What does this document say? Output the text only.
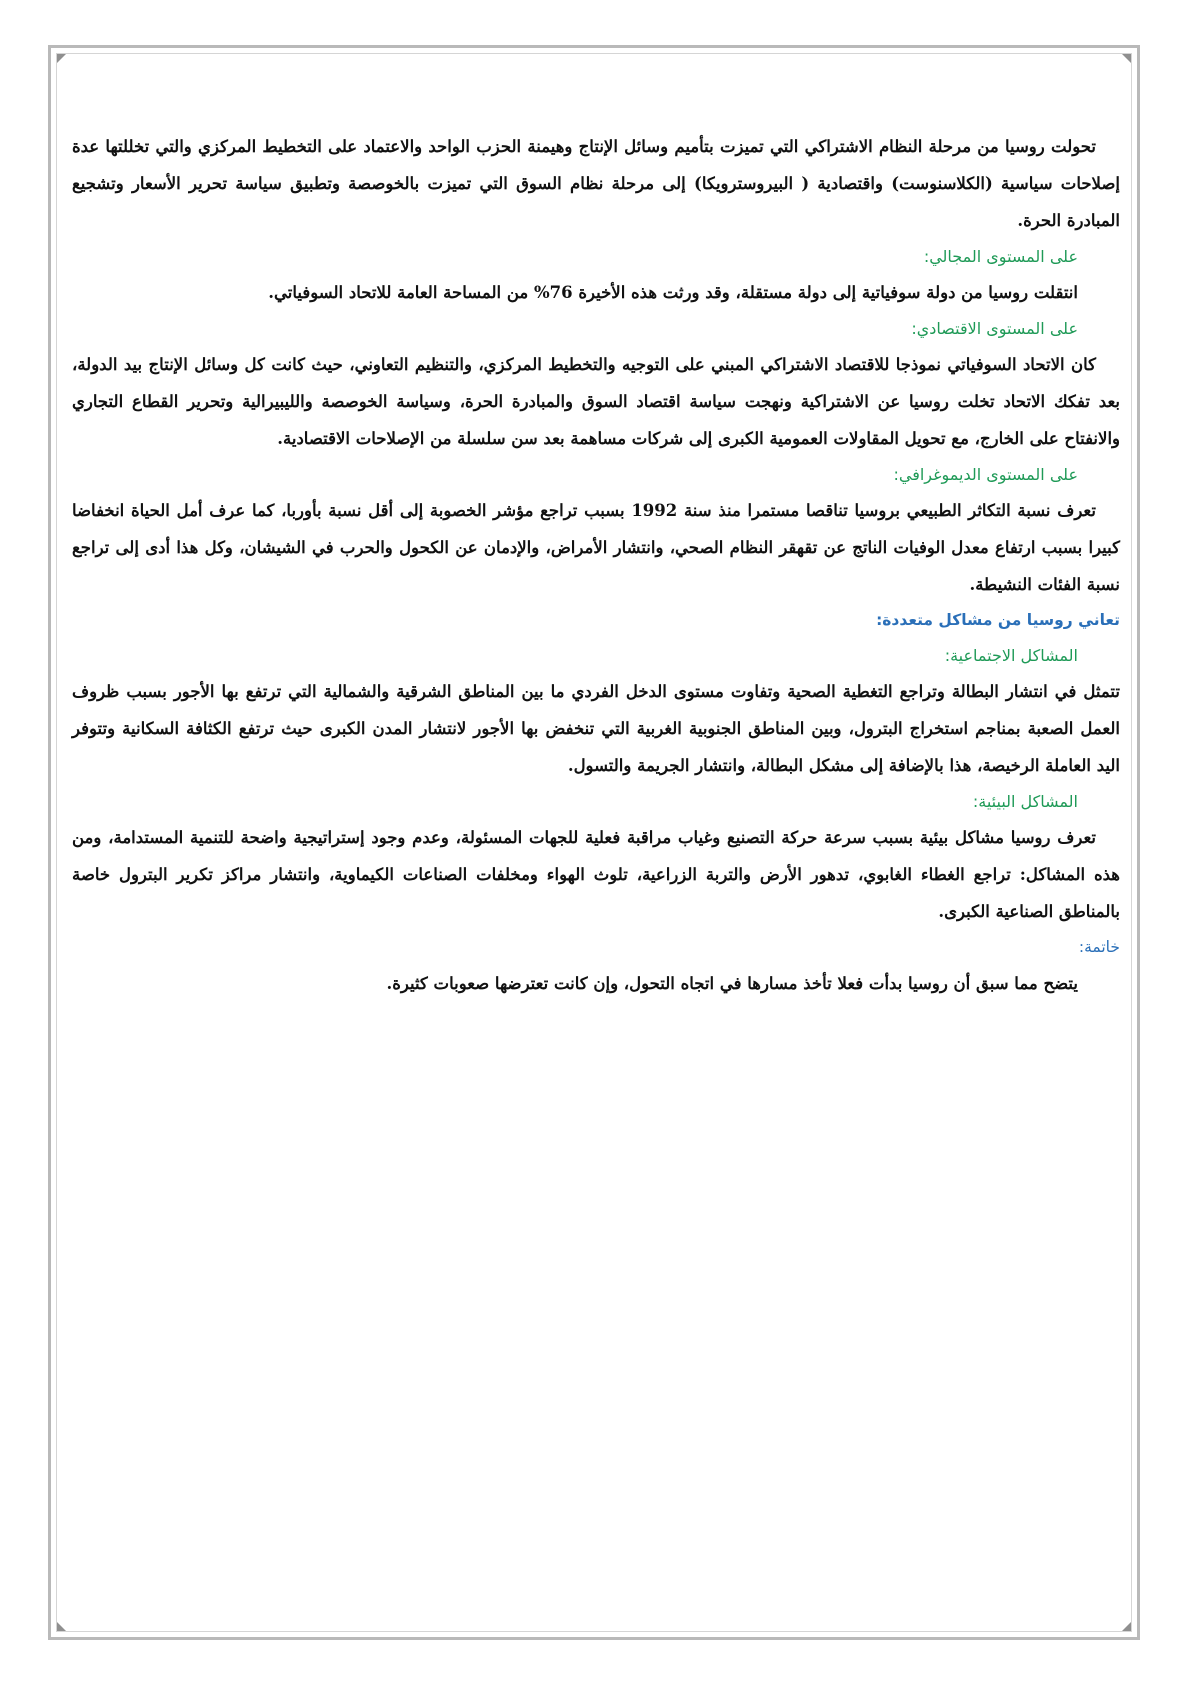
تحولت روسيا من مرحلة النظام الاشتراكي التي تميزت بتأميم وسائل الإنتاج وهيمنة الحزب الواحد والاعتماد على التخطيط المركزي والتي تخللتها عدة إصلاحات سياسية (الكلاسنوست) واقتصادية ( البيروسترويكا) إلى مرحلة نظام السوق التي تميزت بالخوصصة وتطبيق سياسة تحرير الأسعار وتشجيع المبادرة الحرة.

على المستوى المجالي:

انتقلت روسيا من دولة سوفياتية إلى دولة مستقلة، وقد ورثت هذه الأخيرة 76% من المساحة العامة للاتحاد السوفياتي.

على المستوى الاقتصادي:

كان الاتحاد السوفياتي نموذجا للاقتصاد الاشتراكي المبني على التوجيه والتخطيط المركزي، والتنظيم التعاوني، حيث كانت كل وسائل الإنتاج بيد الدولة، بعد تفكك الاتحاد تخلت روسيا عن الاشتراكية ونهجت سياسة اقتصاد السوق والمبادرة الحرة، وسياسة الخوصصة والليبيرالية وتحرير القطاع التجاري والانفتاح على الخارج، مع تحويل المقاولات العمومية الكبرى إلى شركات مساهمة بعد سن سلسلة من الإصلاحات الاقتصادية.

على المستوى الديموغرافي:

تعرف نسبة التكاثر الطبيعي بروسيا تناقصا مستمرا منذ سنة 1992 بسبب تراجع مؤشر الخصوبة إلى أقل نسبة بأوربا، كما عرف أمل الحياة انخفاضا كبيرا بسبب ارتفاع معدل الوفيات الناتج عن تقهقر النظام الصحي، وانتشار الأمراض، والإدمان عن الكحول والحرب في الشيشان، وكل هذا أدى إلى تراجع نسبة الفئات النشيطة.

تعاني روسيا من مشاكل متعددة:
المشاكل الاجتماعية:

تتمثل في انتشار البطالة وتراجع التغطية الصحية وتفاوت مستوى الدخل الفردي ما بين المناطق الشرقية والشمالية التي ترتفع بها الأجور بسبب ظروف العمل الصعبة بمناجم استخراج البترول، وبين المناطق الجنوبية الغربية التي تنخفض بها الأجور لانتشار المدن الكبرى حيث ترتفع الكثافة السكانية وتتوفر اليد العاملة الرخيصة، هذا بالإضافة إلى مشكل البطالة، وانتشار الجريمة والتسول.

المشاكل البيئية:

تعرف روسيا مشاكل بيئية بسبب سرعة حركة التصنيع وغياب مراقبة فعلية للجهات المسئولة، وعدم وجود إستراتيجية واضحة للتنمية المستدامة، ومن هذه المشاكل: تراجع الغطاء الغابوي، تدهور الأرض والتربة الزراعية، تلوث الهواء ومخلفات الصناعات الكيماوية، وانتشار مراكز تكرير البترول خاصة بالمناطق الصناعية الكبرى.

خاتمة:

يتضح مما سبق أن روسيا بدأت فعلا تأخذ مسارها في اتجاه التحول، وإن كانت تعترضها صعوبات كثيرة.
